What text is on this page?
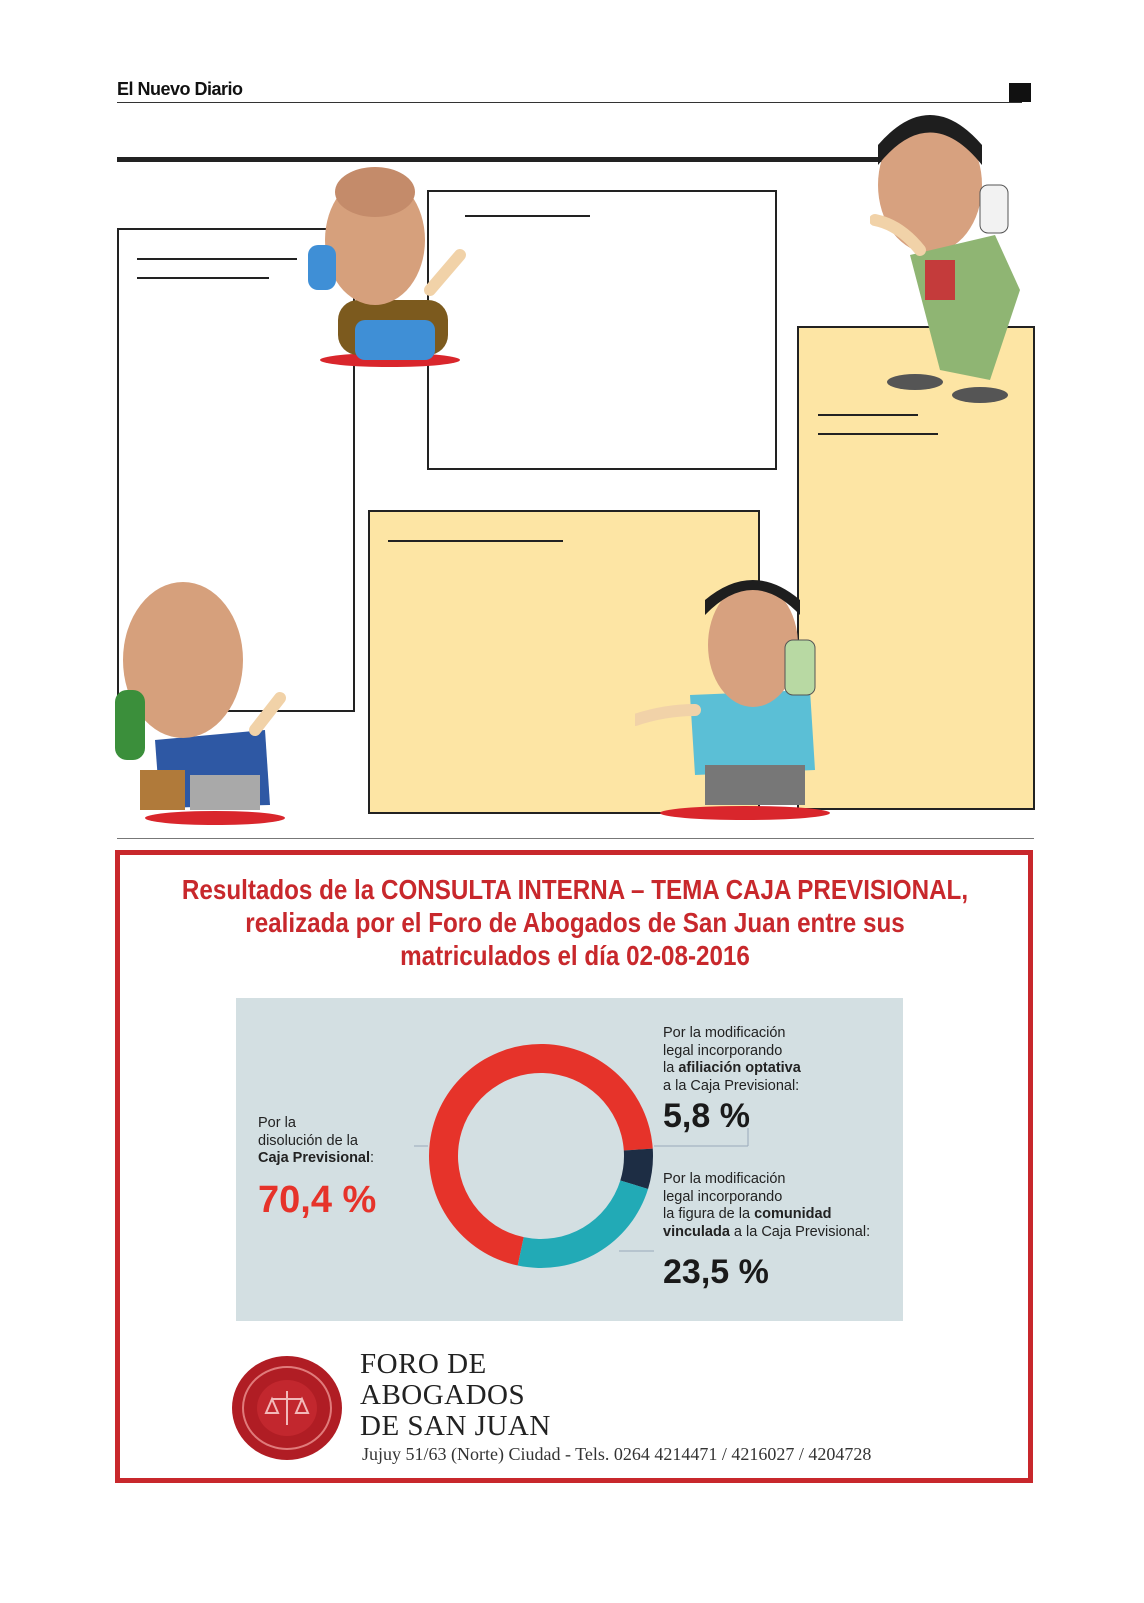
El Nuevo Diario
Resultados de la CONSULTA INTERNA – TEMA CAJA PREVISIONAL,
realizada por el Foro de Abogados de San Juan entre sus
matriculados el día 02-08-2016
Por la
disolución de la
Caja Previsional:
70,4 %
Por la modificación
legal incorporando
la afiliación optativa
a la Caja Previsional:
5,8 %
Por la modificación
legal incorporando
la figura de la comunidad
vinculada a la Caja Previsional:
23,5 %
FORO DE
ABOGADOS
DE SAN JUAN
Jujuy 51/63 (Norte) Ciudad - Tels. 0264 4214471 / 4216027 / 4204728
